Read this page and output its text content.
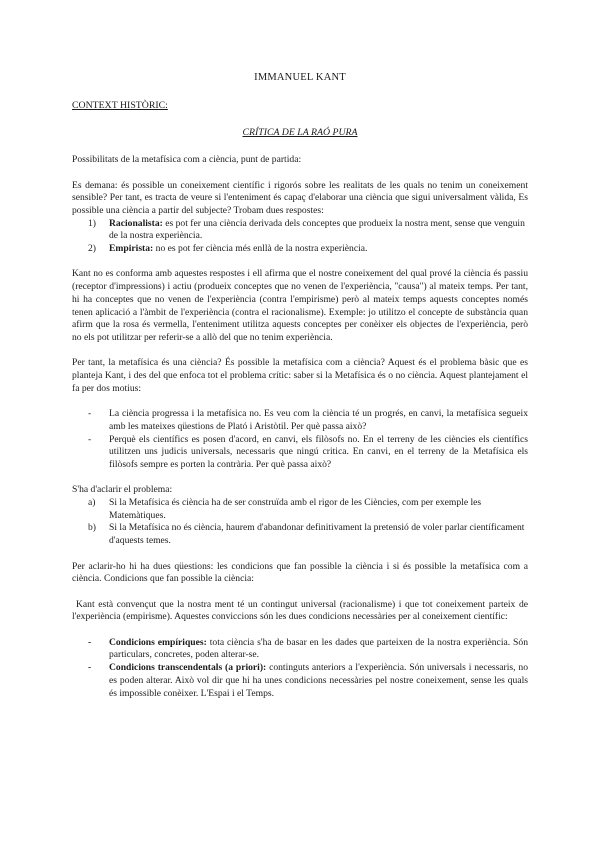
IMMANUEL KANT
CONTEXT HISTÒRIC:
CRÍTICA DE LA RAÓ PURA

Possibilitats de la metafísica com a ciència, punt de partida:

Es demana: és possible un coneixement científic i rigorós sobre les realitats de les quals no tenim un coneixement sensible? Per tant, es tracta de veure si l'enteniment és capaç d'elaborar una ciència que sigui universalment vàlida, Es possible una ciència a partir del subjecte? Trobam dues respostes:

1) Racionalista: es pot fer una ciència derivada dels conceptes que produeix la nostra ment, sense que venguin de la nostra experiència.
2) Empirista: no es pot fer ciència més enllà de la nostra experiència.

Kant no es conforma amb aquestes respostes i ell afirma que el nostre coneixement del qual prové la ciència és passiu (receptor d'impressions) i actiu (produeix conceptes que no venen de l'experiència, "causa") al mateix temps. Per tant, hi ha conceptes que no venen de l'experiència (contra l'empirisme) però al mateix temps aquests conceptes només tenen aplicació a l'àmbit de l'experiència (contra el racionalisme). Exemple: jo utilitzo el concepte de substància quan afirm que la rosa és vermella, l'enteniment utilitza aquests conceptes per conèixer els objectes de l'experiència, però no els pot utilitzar per referir-se a allò del que no tenim experiència.

Per tant, la metafísica és una ciència? És possible la metafísica com a ciència? Aquest és el problema bàsic que es planteja Kant, i des del que enfoca tot el problema crític: saber si la Metafísica és o no ciència. Aquest plantejament el fa per dos motius:

- La ciència progressa i la metafísica no. Es veu com la ciència té un progrés, en canvi, la metafísica segueix amb les mateixes qüestions de Plató i Aristòtil. Per què passa això?
- Perquè els científics es posen d'acord, en canvi, els filòsofs no. En el terreny de les ciències els científics utilitzen uns judicis universals, necessaris que ningú critica. En canvi, en el terreny de la Metafísica els filòsofs sempre es porten la contrària. Per què passa això?

S'ha d'aclarir el problema:

a) Si la Metafísica és ciència ha de ser construïda amb el rigor de les Ciències, com per exemple les Matemàtiques.
b) Si la Metafísica no és ciència, haurem d'abandonar definitivament la pretensió de voler parlar científicament d'aquests temes.

Per aclarir-ho hi ha dues qüestions: les condicions que fan possible la ciència i si és possible la metafísica com a ciència. Condicions que fan possible la ciència:

Kant està convençut que la nostra ment té un contingut universal (racionalisme) i que tot coneixement parteix de l'experiència (empirisme). Aquestes conviccions són les dues condicions necessàries per al coneixement científic:

- Condicions empíriques: tota ciència s'ha de basar en les dades que parteixen de la nostra experiència. Són particulars, concretes, poden alterar-se.
- Condicions transcendentals (a priori): continguts anteriors a l'experiència. Són universals i necessaris, no es poden alterar. Això vol dir que hi ha unes condicions necessàries pel nostre coneixement, sense les quals és impossible conèixer. L'Espai i el Temps.
